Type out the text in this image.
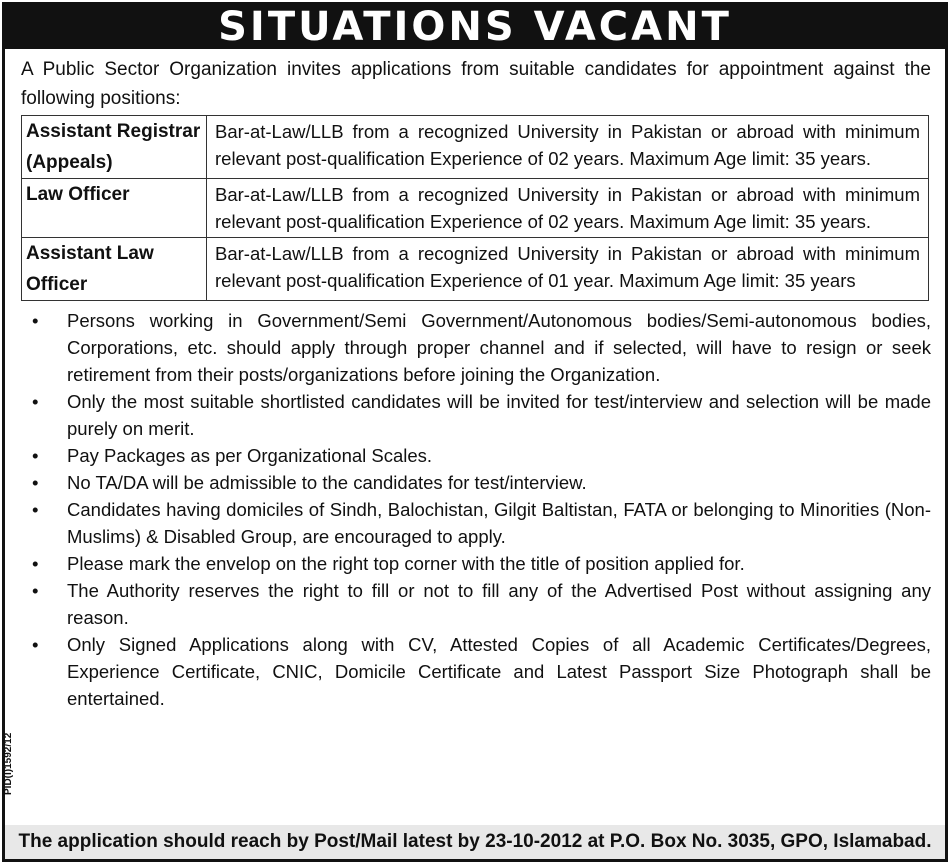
SITUATIONS VACANT
A Public Sector Organization invites applications from suitable candidates for appointment against the following positions:
Assistant Registrar (Appeals)	Bar-at-Law/LLB from a recognized University in Pakistan or abroad with minimum relevant post-qualification Experience of 02 years. Maximum Age limit: 35 years.
Law Officer	Bar-at-Law/LLB from a recognized University in Pakistan or abroad with minimum relevant post-qualification Experience of 02 years. Maximum Age limit: 35 years.
Assistant Law Officer	Bar-at-Law/LLB from a recognized University in Pakistan or abroad with minimum relevant post-qualification Experience of 01 year. Maximum Age limit: 35 years
• Persons working in Government/Semi Government/Autonomous bodies/Semi-autonomous bodies, Corporations, etc. should apply through proper channel and if selected, will have to resign or seek retirement from their posts/organizations before joining the Organization.
• Only the most suitable shortlisted candidates will be invited for test/interview and selection will be made purely on merit.
• Pay Packages as per Organizational Scales.
• No TA/DA will be admissible to the candidates for test/interview.
• Candidates having domiciles of Sindh, Balochistan, Gilgit Baltistan, FATA or belonging to Minorities (Non-Muslims) & Disabled Group, are encouraged to apply.
• Please mark the envelop on the right top corner with the title of position applied for.
• The Authority reserves the right to fill or not to fill any of the Advertised Post without assigning any reason.
• Only Signed Applications along with CV, Attested Copies of all Academic Certificates/Degrees, Experience Certificate, CNIC, Domicile Certificate and Latest Passport Size Photograph shall be entertained.
PID(I)1592/12
The application should reach by Post/Mail latest by 23-10-2012 at P.O. Box No. 3035, GPO, Islamabad.
